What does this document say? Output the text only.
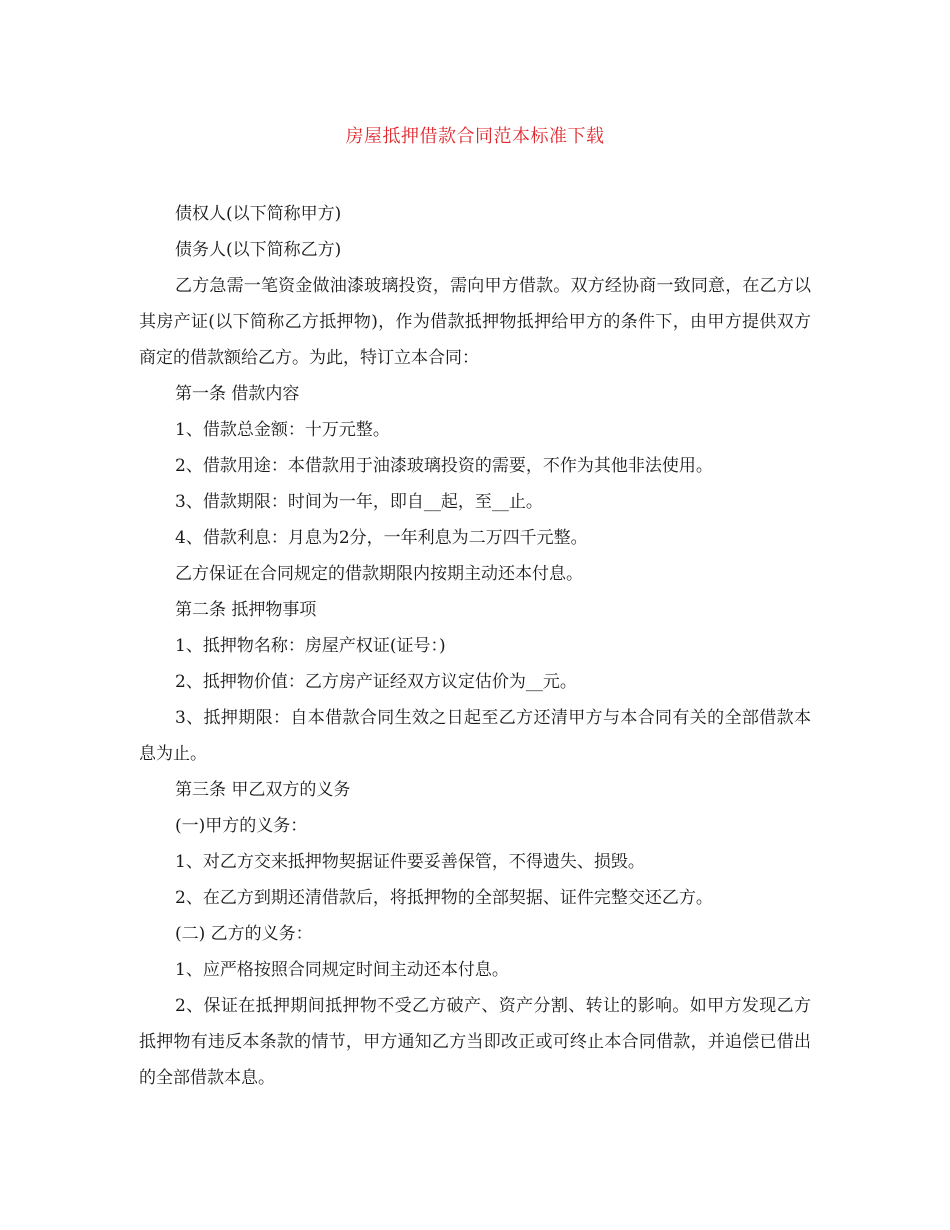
房屋抵押借款合同范本标准下载

债权人(以下简称甲方)

债务人(以下简称乙方)

乙方急需一笔资金做油漆玻璃投资，需向甲方借款。双方经协商一致同意，在乙方以其房产证(以下简称乙方抵押物)，作为借款抵押物抵押给甲方的条件下，由甲方提供双方商定的借款额给乙方。为此，特订立本合同：

第一条 借款内容

1、借款总金额：十万元整。

2、借款用途：本借款用于油漆玻璃投资的需要，不作为其他非法使用。

3、借款期限：时间为一年，即自__起，至__止。

4、借款利息：月息为2分，一年利息为二万四千元整。

乙方保证在合同规定的借款期限内按期主动还本付息。

第二条 抵押物事项

1、抵押物名称：房屋产权证(证号：)

2、抵押物价值：乙方房产证经双方议定估价为__元。

3、抵押期限：自本借款合同生效之日起至乙方还清甲方与本合同有关的全部借款本息为止。

第三条 甲乙双方的义务

(一)甲方的义务：

1、对乙方交来抵押物契据证件要妥善保管，不得遗失、损毁。

2、在乙方到期还清借款后，将抵押物的全部契据、证件完整交还乙方。

(二) 乙方的义务：

1、应严格按照合同规定时间主动还本付息。

2、保证在抵押期间抵押物不受乙方破产、资产分割、转让的影响。如甲方发现乙方抵押物有违反本条款的情节，甲方通知乙方当即改正或可终止本合同借款，并追偿已借出的全部借款本息。
